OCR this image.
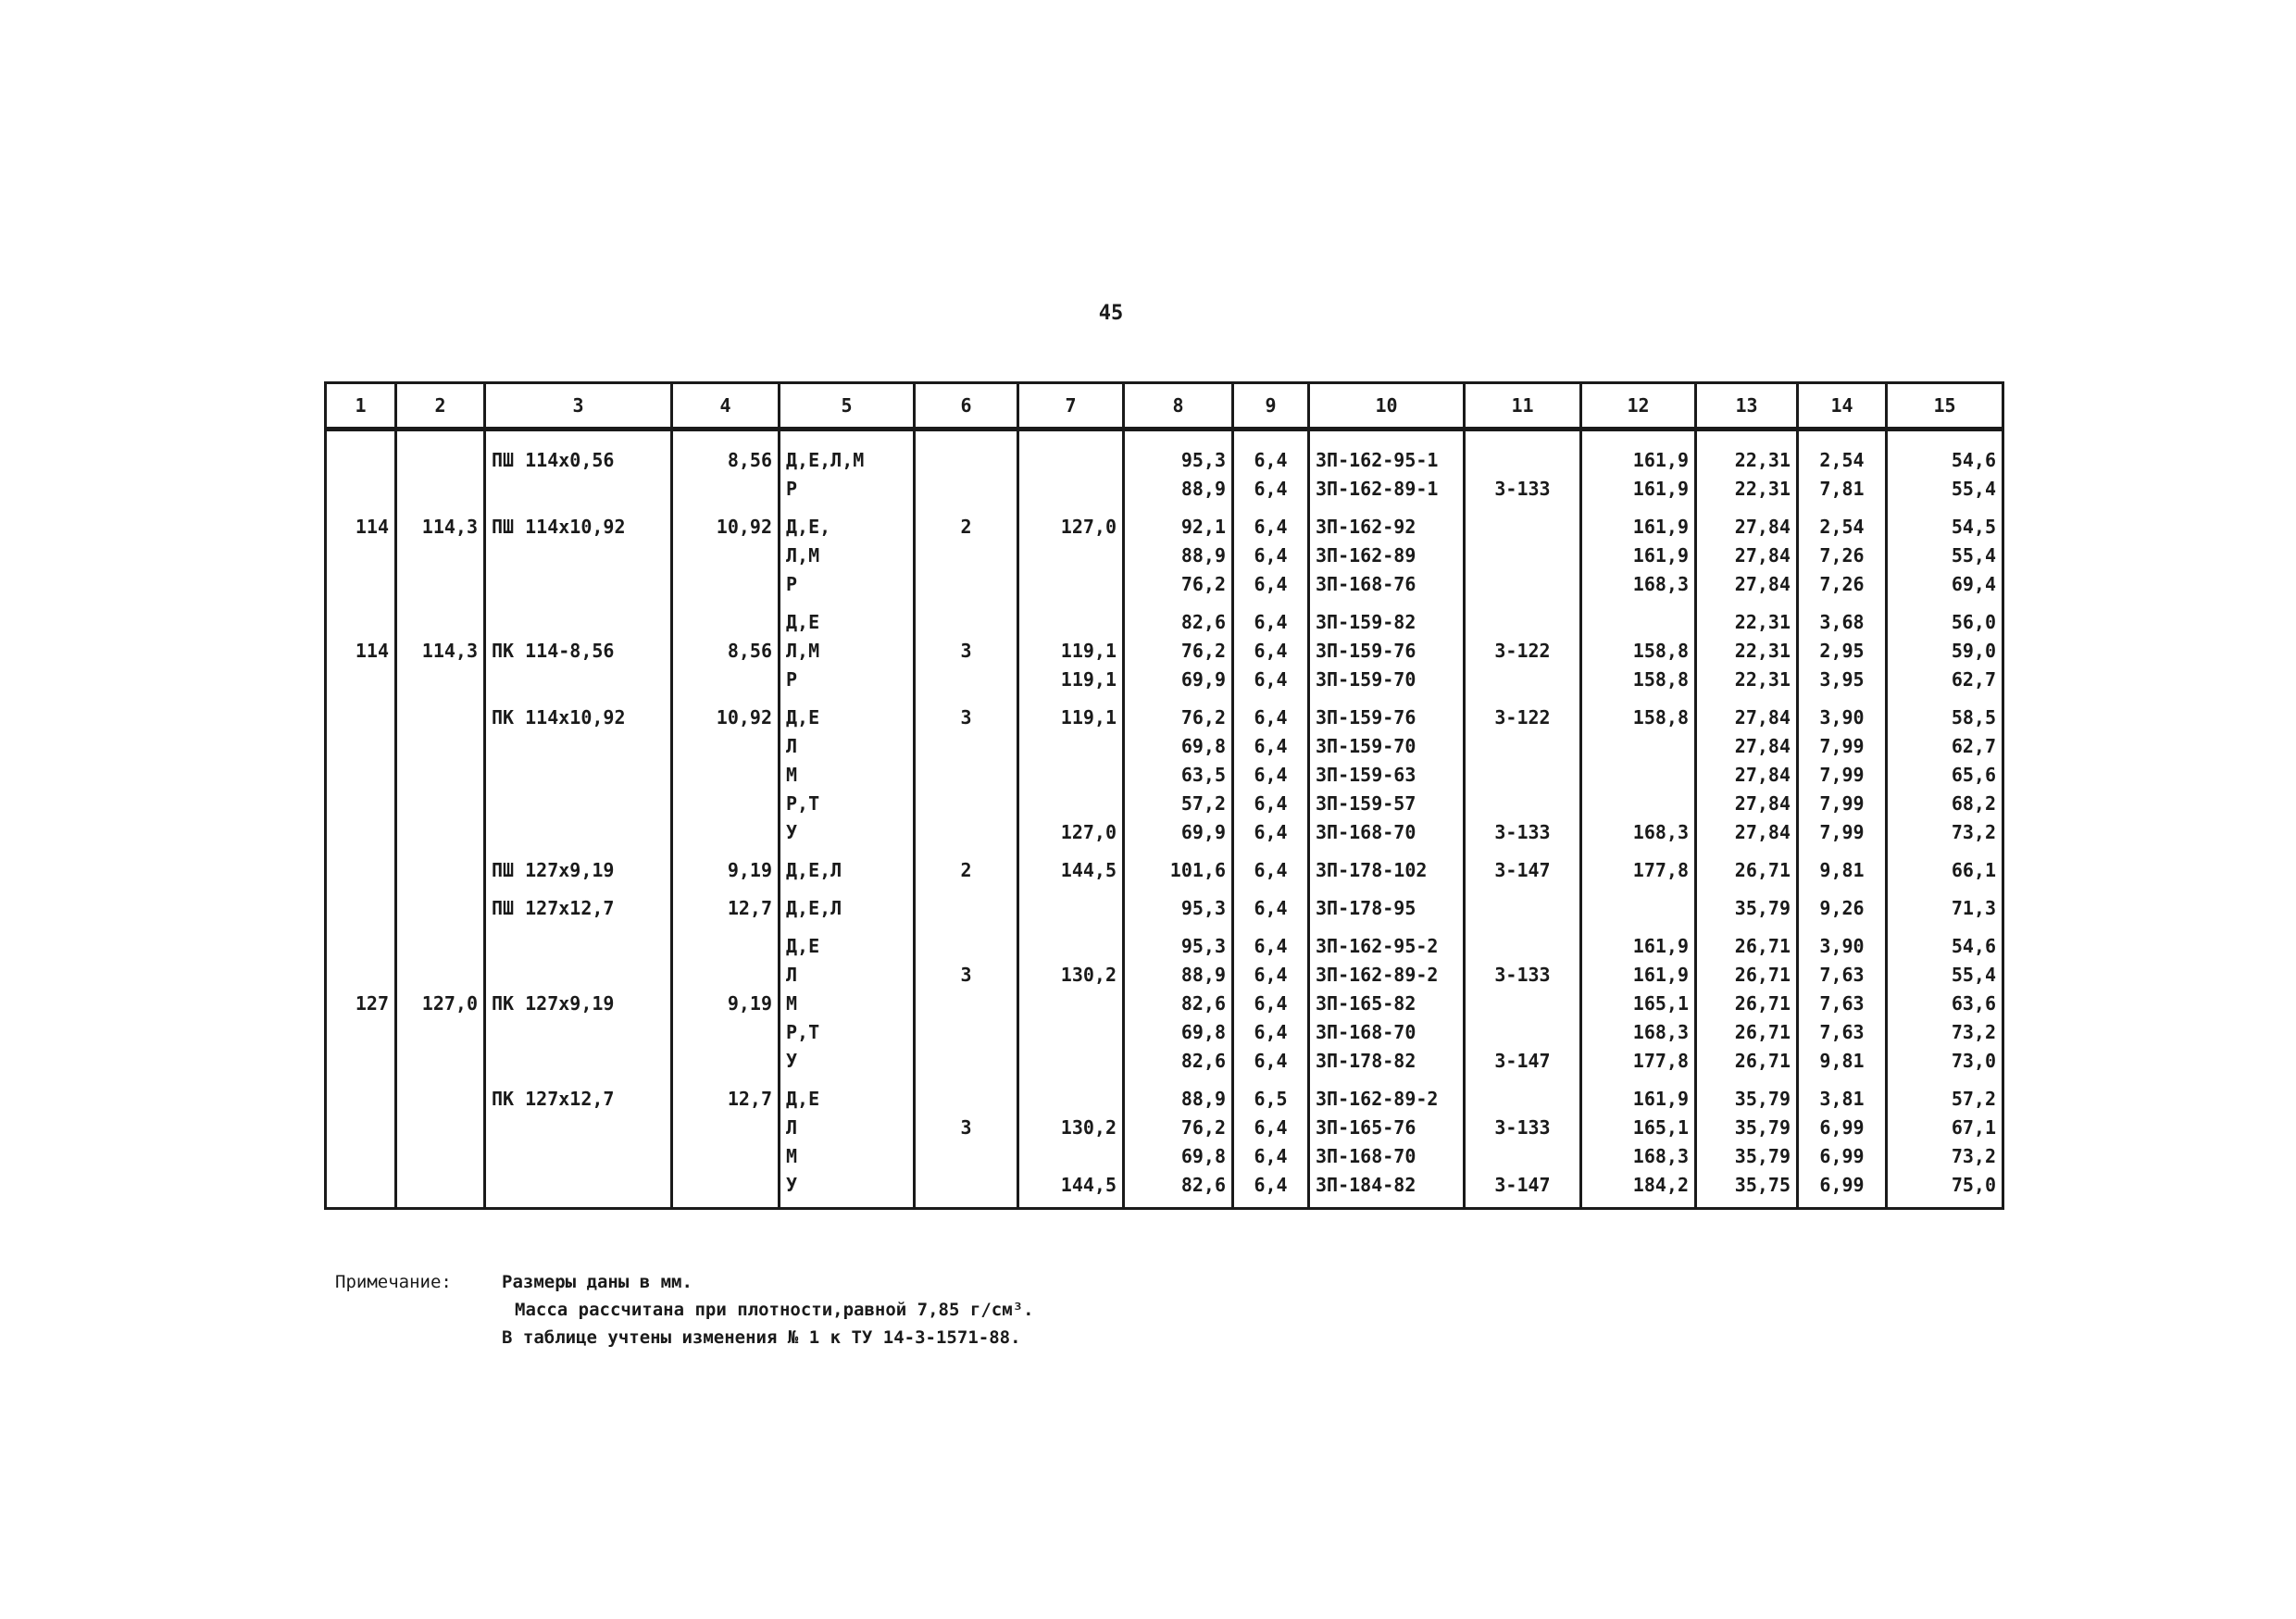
45
1	2	3	4	5	6	7	8	9	10	11	12	13	14	15
		ПШ 114х0,56	8,56	Д,Е,Л,М			95,3	6,4	ЗП-162-95-1		161,9	22,31	2,54	54,6
				Р			88,9	6,4	ЗП-162-89-1	З-133	161,9	22,31	7,81	55,4
114	114,3	ПШ 114х10,92	10,92	Д,Е,	2	127,0	92,1	6,4	ЗП-162-92		161,9	27,84	2,54	54,5
				Л,М			88,9	6,4	ЗП-162-89		161,9	27,84	7,26	55,4
				Р			76,2	6,4	ЗП-168-76		168,3	27,84	7,26	69,4
				Д,Е			82,6	6,4	ЗП-159-82			22,31	3,68	56,0
114	114,3	ПК 114-8,56	8,56	Л,М	3	119,1	76,2	6,4	ЗП-159-76	З-122	158,8	22,31	2,95	59,0
				Р		119,1	69,9	6,4	ЗП-159-70		158,8	22,31	3,95	62,7
		ПК 114х10,92	10,92	Д,Е	3	119,1	76,2	6,4	ЗП-159-76	З-122	158,8	27,84	3,90	58,5
				Л			69,8	6,4	ЗП-159-70			27,84	7,99	62,7
				М			63,5	6,4	ЗП-159-63			27,84	7,99	65,6
				Р,Т			57,2	6,4	ЗП-159-57			27,84	7,99	68,2
				У		127,0	69,9	6,4	ЗП-168-70	З-133	168,3	27,84	7,99	73,2
		ПШ 127х9,19	9,19	Д,Е,Л	2	144,5	101,6	6,4	ЗП-178-102	З-147	177,8	26,71	9,81	66,1
		ПШ 127х12,7	12,7	Д,Е,Л			95,3	6,4	ЗП-178-95			35,79	9,26	71,3
				Д,Е			95,3	6,4	ЗП-162-95-2		161,9	26,71	3,90	54,6
				Л	3	130,2	88,9	6,4	ЗП-162-89-2	З-133	161,9	26,71	7,63	55,4
127	127,0	ПК 127х9,19	9,19	М			82,6	6,4	ЗП-165-82		165,1	26,71	7,63	63,6
				Р,Т			69,8	6,4	ЗП-168-70		168,3	26,71	7,63	73,2
				У			82,6	6,4	ЗП-178-82	З-147	177,8	26,71	9,81	73,0
		ПК 127х12,7	12,7	Д,Е			88,9	6,5	ЗП-162-89-2		161,9	35,79	3,81	57,2
				Л	3	130,2	76,2	6,4	ЗП-165-76	З-133	165,1	35,79	6,99	67,1
				М			69,8	6,4	ЗП-168-70		168,3	35,79	6,99	73,2
				У		144,5	82,6	6,4	ЗП-184-82	З-147	184,2	35,75	6,99	75,0
Примечание:	Размеры даны в мм.
Масса рассчитана при плотности,равной 7,85 г/см³.
В таблице учтены изменения № 1 к ТУ 14-3-1571-88.
